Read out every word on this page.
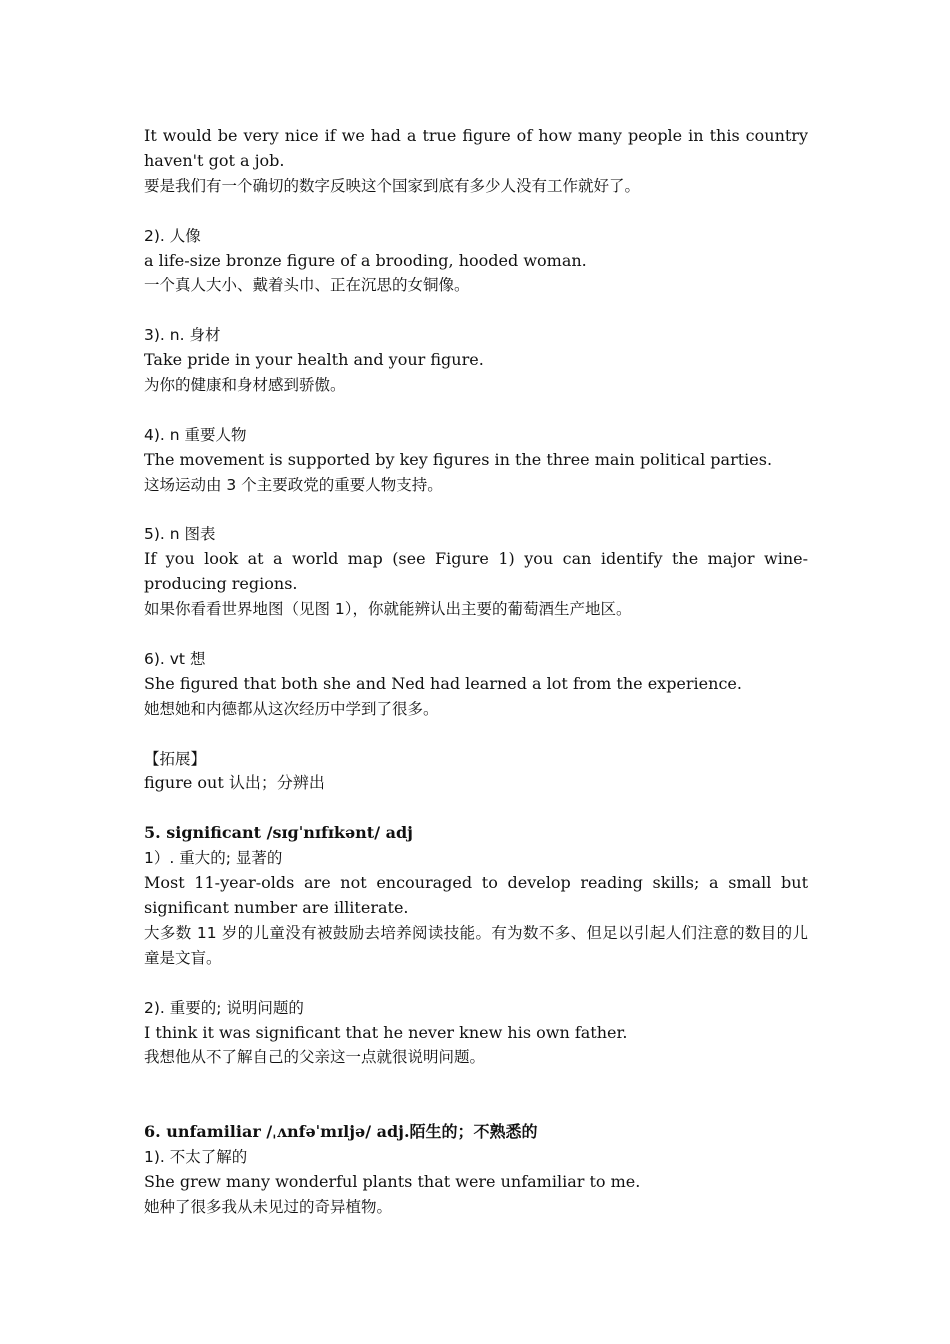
It would be very nice if we had a true figure of how many people in this country haven't got a job.
要是我们有一个确切的数字反映这个国家到底有多少人没有工作就好了。
2). 人像
a life-size bronze figure of a brooding, hooded woman.
一个真人大小、戴着头巾、正在沉思的女铜像。
3). n. 身材
Take pride in your health and your figure.
为你的健康和身材感到骄傲。
4). n 重要人物
The movement is supported by key figures in the three main political parties.
这场运动由 3 个主要政党的重要人物支持。
5). n 图表
If you look at a world map (see Figure 1) you can identify the major wine-producing regions.
如果你看看世界地图（见图 1），你就能辨认出主要的葡萄酒生产地区。
6). vt 想
She figured that both she and Ned had learned a lot from the experience.
她想她和内德都从这次经历中学到了很多。
【拓展】
figure out 认出；分辨出
5. significant /sɪɡˈnɪfɪkənt/ adj
1）. 重大的; 显著的
Most 11-year-olds are not encouraged to develop reading skills; a small but significant number are illiterate.
大多数 11 岁的儿童没有被鼓励去培养阅读技能。有为数不多、但足以引起人们注意的数目的儿童是文盲。
2). 重要的; 说明问题的
I think it was significant that he never knew his own father.
我想他从不了解自己的父亲这一点就很说明问题。
6. unfamiliar /ˌʌnfəˈmɪljə/ adj.陌生的；不熟悉的
1). 不太了解的
She grew many wonderful plants that were unfamiliar to me.
她种了很多我从未见过的奇异植物。
